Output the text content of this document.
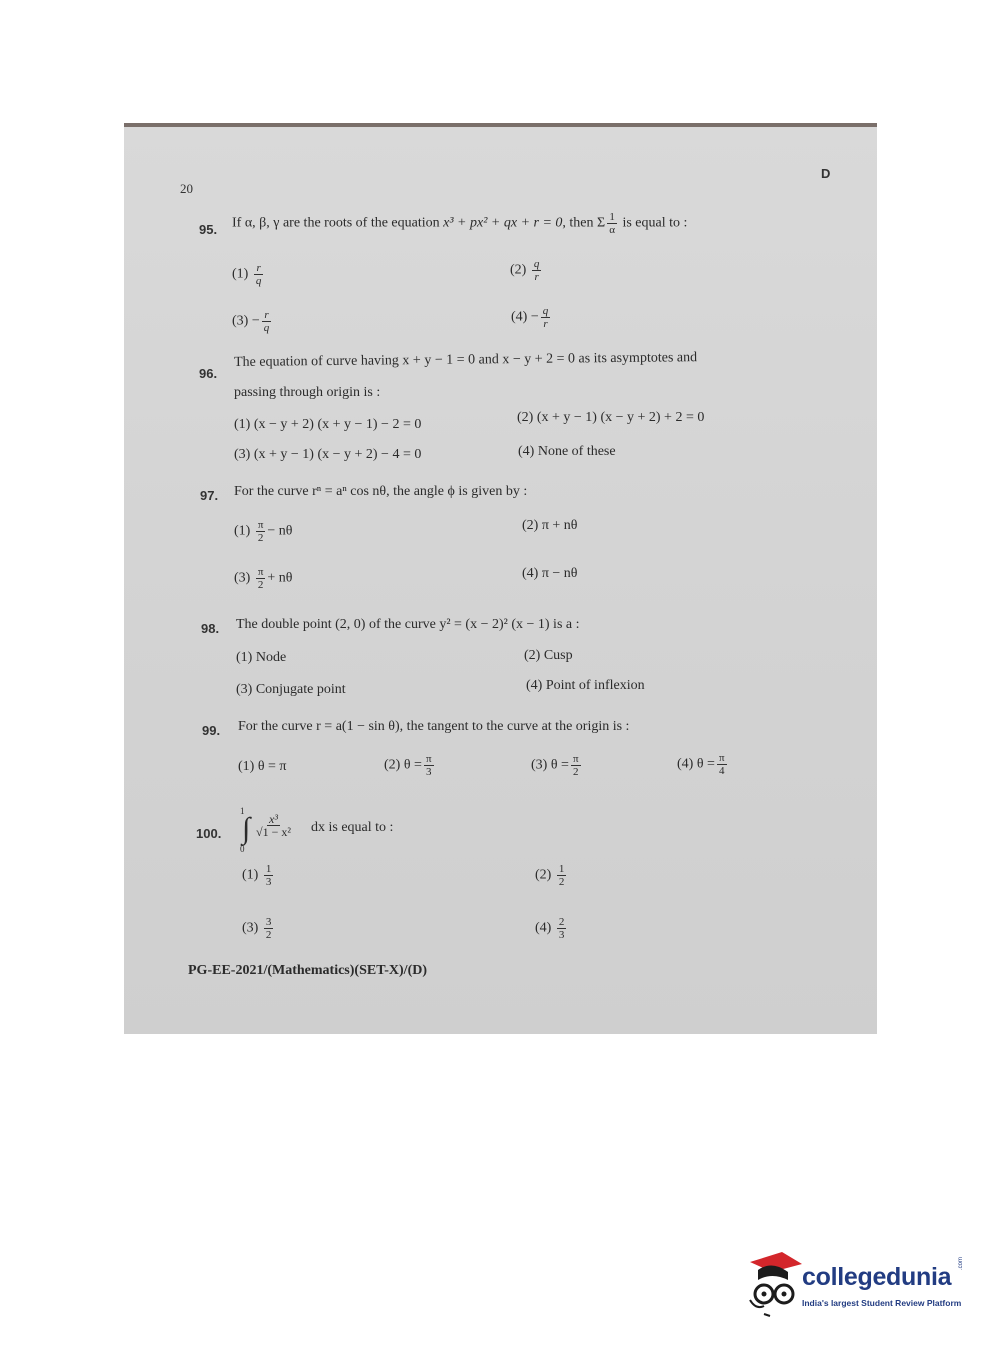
20
D
95. If α, β, γ are the roots of the equation x³ + px² + qx + r = 0, then Σ $\frac{1}{\alpha}$ is equal to :
$(1) \frac{r}{q}$	$(2) \frac{q}{r}$
$(3) - \frac{r}{q}$	$(4) - \frac{q}{r}$
96.
The equation of curve having x + y − 1 = 0 and x − y + 2 = 0 as its asymptotes and
passing through origin is :
(1) (x − y + 2) (x + y − 1) − 2 = 0	(2) (x + y − 1) (x − y + 2) + 2 = 0
(3) (x + y − 1) (x − y + 2) − 4 = 0	(4) None of these
97. For the curve rⁿ = aⁿ cos nθ, the angle ϕ is given by :
$(1) \frac{\pi}{2} - n\theta$	(2) π + nθ
$(3) \frac{\pi}{2} + n\theta$	(4) π − nθ
98. The double point (2, 0) of the curve y² = (x − 2)² (x − 1) is a :
(1) Node	(2) Cusp
(3) Conjugate point	(4) Point of inflexion
99. For the curve r = a(1 − sin θ), the tangent to the curve at the origin is :
(1) θ = π	(2) $\theta = \frac{\pi}{3}$	(3) $\theta = \frac{\pi}{2}$	(4) $\theta = \frac{\pi}{4}$
100.
1
∫
0
$\frac{\text{x³}}{\text{√1 − x²}}$ dx is equal to :
$(1) \frac{1}{3}$	$(2) \frac{1}{2}$
$(3) \frac{3}{2}$	$(4) \frac{2}{3}$
PG-EE-2021/(Mathematics)(SET-X)/(D)
collegedunia .com
India's largest Student Review Platform
